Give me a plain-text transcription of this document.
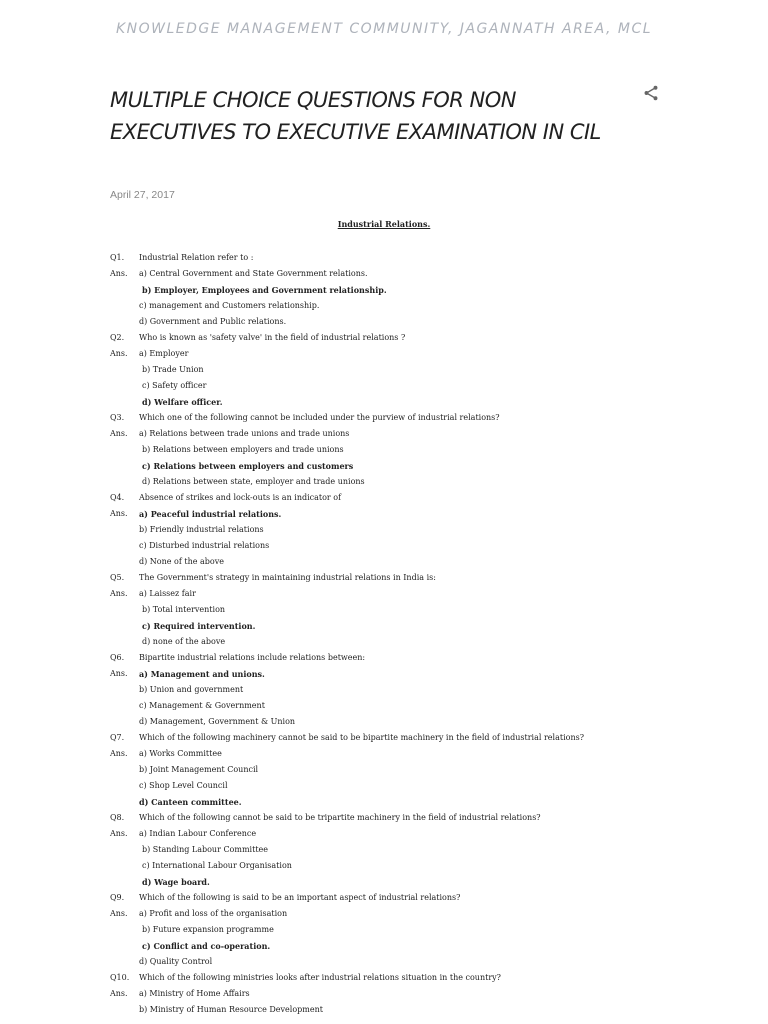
KNOWLEDGE MANAGEMENT COMMUNITY, JAGANNATH AREA, MCL
MULTIPLE CHOICE QUESTIONS FOR NON EXECUTIVES TO EXECUTIVE EXAMINATION IN CIL
April 27, 2017
Industrial Relations.
Q1. Industrial Relation refer to :
Ans. a) Central Government and State Government relations.
b) Employer, Employees and Government relationship.
c) management and Customers relationship.
d) Government and Public relations.
Q2. Who is known as 'safety valve' in the field of industrial relations ?
Ans. a) Employer
b) Trade Union
c) Safety officer
d) Welfare officer.
Q3. Which one of the following cannot be included under the purview of industrial relations?
Ans. a) Relations between trade unions and trade unions
b) Relations between employers and trade unions
c) Relations between employers and customers
d) Relations between state, employer and trade unions
Q4. Absence of strikes and lock-outs is an indicator of
Ans. a) Peaceful industrial relations.
b) Friendly industrial relations
c) Disturbed industrial relations
d) None of the above
Q5. The Government's strategy in maintaining industrial relations in India is:
Ans. a) Laissez fair
b) Total intervention
c) Required intervention.
d) none of the above
Q6. Bipartite industrial relations include relations between:
Ans. a) Management and unions.
b) Union and government
c) Management & Government
d) Management, Government & Union
Q7. Which of the following machinery cannot be said to be bipartite machinery in the field of industrial relations?
Ans. a) Works Committee
b) Joint Management Council
c) Shop Level Council
d) Canteen committee.
Q8. Which of the following cannot be said to be tripartite machinery in the field of industrial relations?
Ans. a) Indian Labour Conference
b) Standing Labour Committee
c) International Labour Organisation
d) Wage board.
Q9. Which of the following is said to be an important aspect of industrial relations?
Ans. a) Profit and loss of the organisation
b) Future expansion programme
c) Conflict and co-operation.
d) Quality Control
Q10. Which of the following ministries looks after industrial relations situation in the country?
Ans. a) Ministry of Home Affairs
b) Ministry of Human Resource Development
